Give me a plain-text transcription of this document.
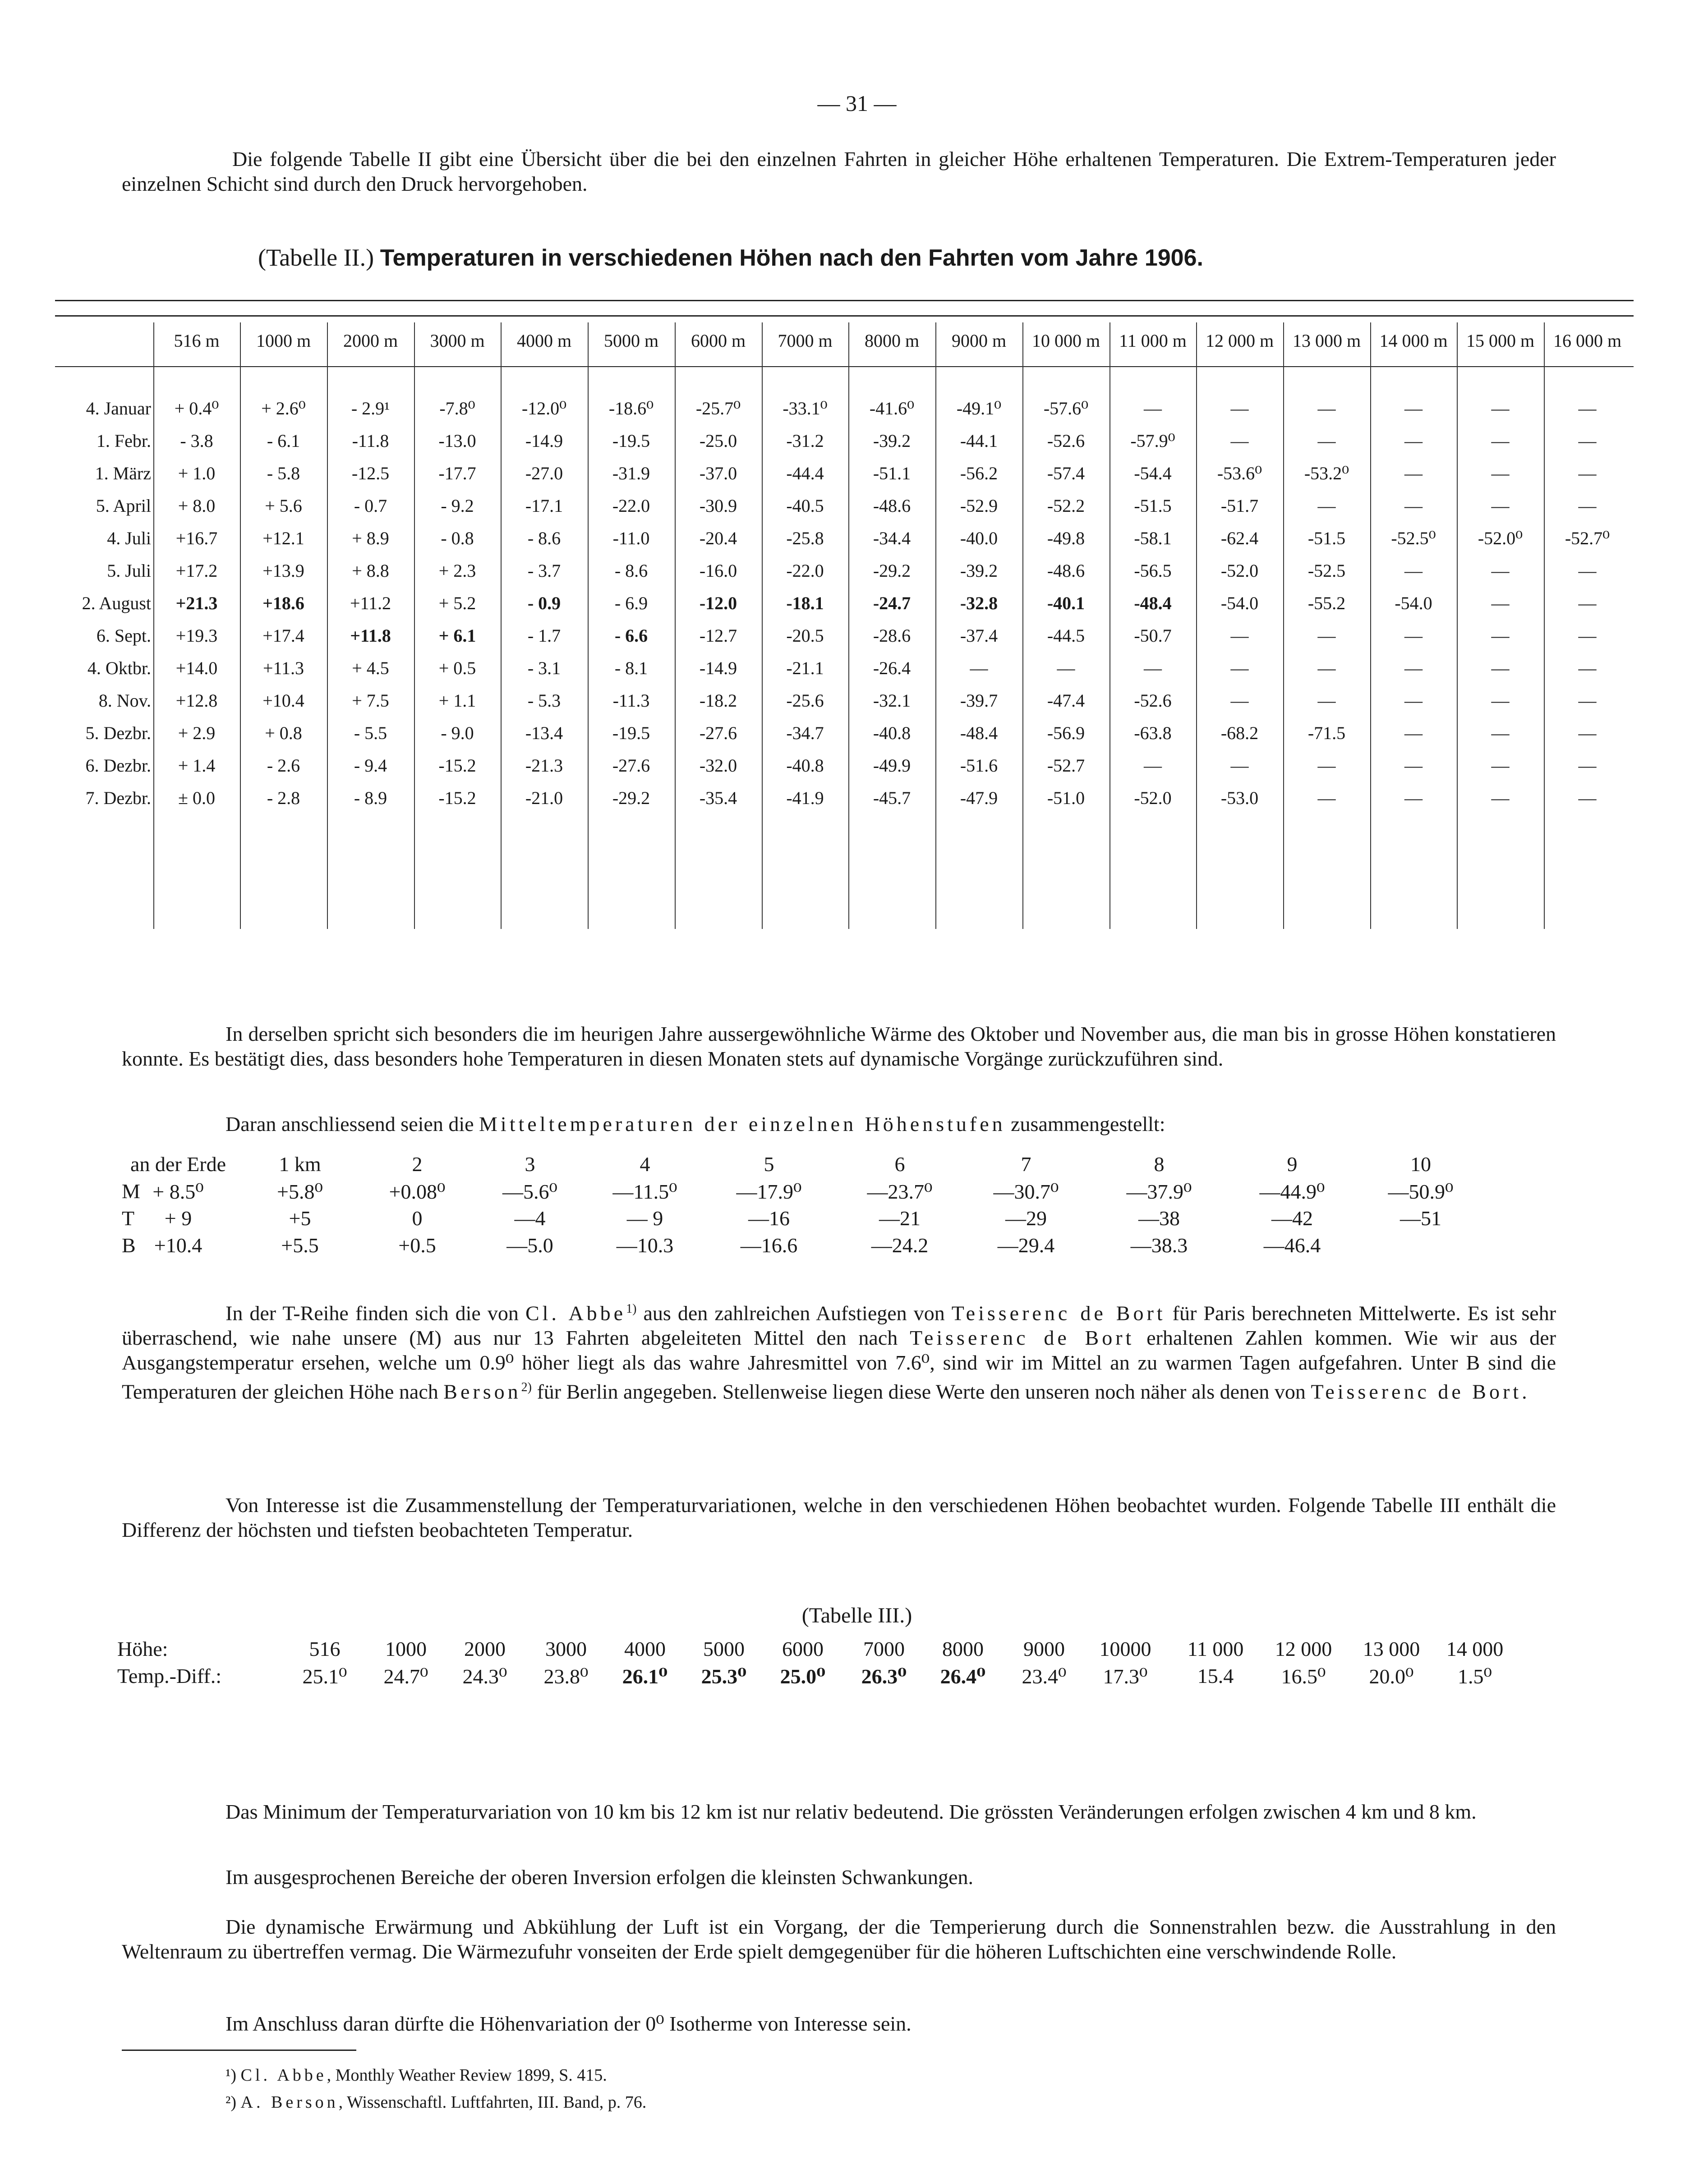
— 31 —
Die folgende Tabelle II gibt eine Übersicht über die bei den einzelnen Fahrten in gleicher Höhe erhaltenen Temperaturen. Die Extrem-Temperaturen jeder einzelnen Schicht sind durch den Druck hervorgehoben.
(Tabelle II.) Temperaturen in verschiedenen Höhen nach den Fahrten vom Jahre 1906.
516 m	1000 m	2000 m	3000 m	4000 m	5000 m	6000 m	7000 m	8000 m	9000 m	10 000 m	11 000 m	12 000 m	13 000 m	14 000 m	15 000 m	16 000 m
4. Januar	+ 0.4⁰	+ 2.6⁰	- 2.9¹	-7.8⁰	-12.0⁰	-18.6⁰	-25.7⁰	-33.1⁰	-41.6⁰	-49.1⁰	-57.6⁰	—	—	—	—	—	—
1. Febr.	- 3.8	- 6.1	-11.8	-13.0	-14.9	-19.5	-25.0	-31.2	-39.2	-44.1	-52.6	-57.9⁰	—	—	—	—	—
1. März	+ 1.0	- 5.8	-12.5	-17.7	-27.0	-31.9	-37.0	-44.4	-51.1	-56.2	-57.4	-54.4	-53.6⁰	-53.2⁰	—	—	—
5. April	+ 8.0	+ 5.6	- 0.7	- 9.2	-17.1	-22.0	-30.9	-40.5	-48.6	-52.9	-52.2	-51.5	-51.7	—	—	—	—
4. Juli	+16.7	+12.1	+ 8.9	- 0.8	- 8.6	-11.0	-20.4	-25.8	-34.4	-40.0	-49.8	-58.1	-62.4	-51.5	-52.5⁰	-52.0⁰	-52.7⁰
5. Juli	+17.2	+13.9	+ 8.8	+ 2.3	- 3.7	- 8.6	-16.0	-22.0	-29.2	-39.2	-48.6	-56.5	-52.0	-52.5	—	—	—
2. August	+21.3	+18.6	+11.2	+ 5.2	- 0.9	- 6.9	-12.0	-18.1	-24.7	-32.8	-40.1	-48.4	-54.0	-55.2	-54.0	—	—
6. Sept.	+19.3	+17.4	+11.8	+ 6.1	- 1.7	- 6.6	-12.7	-20.5	-28.6	-37.4	-44.5	-50.7	—	—	—	—	—
4. Oktbr.	+14.0	+11.3	+ 4.5	+ 0.5	- 3.1	- 8.1	-14.9	-21.1	-26.4	—	—	—	—	—	—	—	—
8. Nov.	+12.8	+10.4	+ 7.5	+ 1.1	- 5.3	-11.3	-18.2	-25.6	-32.1	-39.7	-47.4	-52.6	—	—	—	—	—
5. Dezbr.	+ 2.9	+ 0.8	- 5.5	- 9.0	-13.4	-19.5	-27.6	-34.7	-40.8	-48.4	-56.9	-63.8	-68.2	-71.5	—	—	—
6. Dezbr.	+ 1.4	- 2.6	- 9.4	-15.2	-21.3	-27.6	-32.0	-40.8	-49.9	-51.6	-52.7	—	—	—	—	—	—
7. Dezbr.	± 0.0	- 2.8	- 8.9	-15.2	-21.0	-29.2	-35.4	-41.9	-45.7	-47.9	-51.0	-52.0	-53.0	—	—	—	—
In derselben spricht sich besonders die im heurigen Jahre aussergewöhnliche Wärme des Oktober und November aus, die man bis in grosse Höhen konstatieren konnte. Es bestätigt dies, dass besonders hohe Temperaturen in diesen Monaten stets auf dynamische Vorgänge zurückzuführen sind.
Daran anschliessend seien die Mitteltemperaturen der einzelnen Höhenstufen zusammengestellt:
an der Erde	1 km	2	3	4	5	6	7	8	9	10
M + 8.5⁰	+5.8⁰	+0.08⁰	—5.6⁰	—11.5⁰	—17.9⁰	—23.7⁰	—30.7⁰	—37.9⁰	—44.9⁰	—50.9⁰
T	+ 9	+5	0	—4	— 9	—16	—21	—29	—38	—42	—51
B +10.4	+5.5	+0.5	—5.0	—10.3	—16.6	—24.2	—29.4	—38.3	—46.4
In der T-Reihe finden sich die von Cl. Abbe$^{1)}$ aus den zahlreichen Aufstiegen von Teisserenc de Bort für Paris berechneten Mittelwerte. Es ist sehr überraschend, wie nahe unsere (M) aus nur 13 Fahrten abgeleiteten Mittel den nach Teisserenc de Bort erhaltenen Zahlen kommen. Wie wir aus der Ausgangstemperatur ersehen, welche um 0.9⁰ höher liegt als das wahre Jahresmittel von 7.6⁰, sind wir im Mittel an zu warmen Tagen aufgefahren. Unter B sind die Temperaturen der gleichen Höhe nach Berson$^{2)}$ für Berlin angegeben. Stellenweise liegen diese Werte den unseren noch näher als denen von Teisserenc de Bort.
Von Interesse ist die Zusammenstellung der Temperaturvariationen, welche in den verschiedenen Höhen beobachtet wurden. Folgende Tabelle III enthält die Differenz der höchsten und tiefsten beobachteten Temperatur.
(Tabelle III.)
Höhe:
Temp.-Diff.:
516	1000	2000	3000	4000	5000	6000	7000	8000	9000	10000	11 000	12 000	13 000	14 000
25.1⁰	24.7⁰	24.3⁰	23.8⁰	26.1⁰	25.3⁰	25.0⁰	26.3⁰	26.4⁰	23.4⁰	17.3⁰	15.4	16.5⁰	20.0⁰	1.5⁰
Das Minimum der Temperaturvariation von 10 km bis 12 km ist nur relativ bedeutend. Die grössten Veränderungen erfolgen zwischen 4 km und 8 km.
Im ausgesprochenen Bereiche der oberen Inversion erfolgen die kleinsten Schwankungen.
Die dynamische Erwärmung und Abkühlung der Luft ist ein Vorgang, der die Temperierung durch die Sonnenstrahlen bezw. die Ausstrahlung in den Weltenraum zu übertreffen vermag. Die Wärmezufuhr vonseiten der Erde spielt demgegenüber für die höheren Luftschichten eine verschwindende Rolle.
Im Anschluss daran dürfte die Höhenvariation der 0⁰ Isotherme von Interesse sein.
¹) Cl. Abbe, Monthly Weather Review 1899, S. 415.
²) A. Berson, Wissenschaftl. Luftfahrten, III. Band, p. 76.
